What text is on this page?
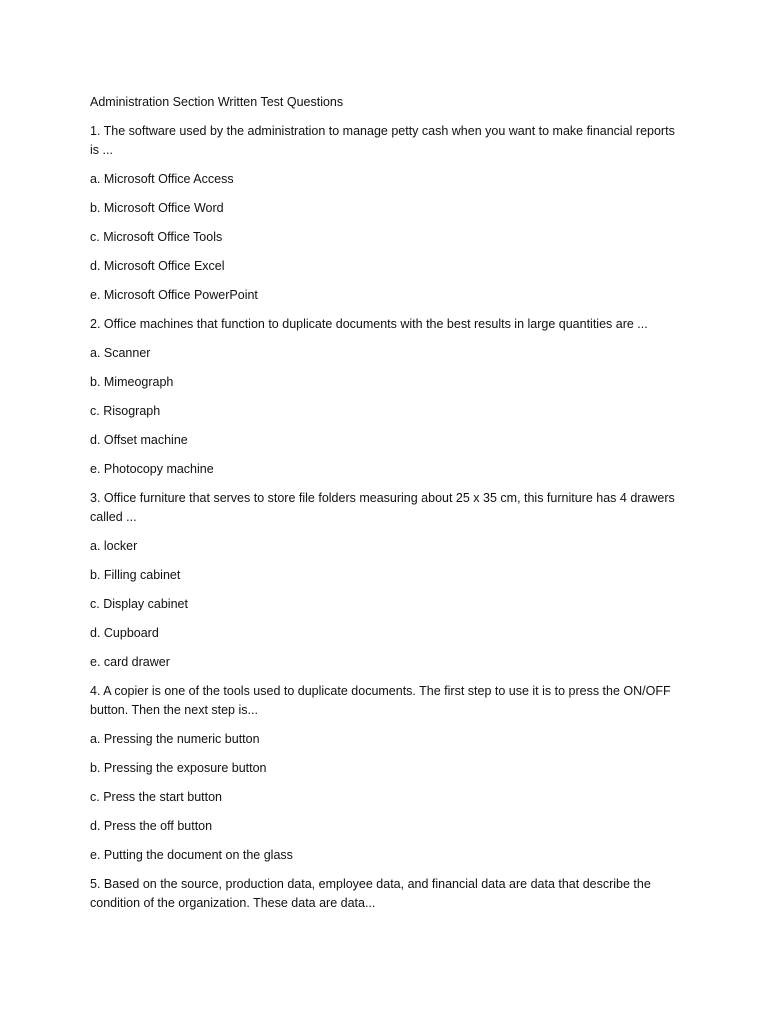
Administration Section Written Test Questions
1. The software used by the administration to manage petty cash when you want to make financial reports is ...
a. Microsoft Office Access
b. Microsoft Office Word
c. Microsoft Office Tools
d. Microsoft Office Excel
e. Microsoft Office PowerPoint
2. Office machines that function to duplicate documents with the best results in large quantities are ...
a. Scanner
b. Mimeograph
c. Risograph
d. Offset machine
e. Photocopy machine
3. Office furniture that serves to store file folders measuring about 25 x 35 cm, this furniture has 4 drawers called ...
a. locker
b. Filling cabinet
c. Display cabinet
d. Cupboard
e. card drawer
4. A copier is one of the tools used to duplicate documents. The first step to use it is to press the ON/OFF button. Then the next step is...
a. Pressing the numeric button
b. Pressing the exposure button
c. Press the start button
d. Press the off button
e. Putting the document on the glass
5. Based on the source, production data, employee data, and financial data are data that describe the condition of the organization. These data are data...
